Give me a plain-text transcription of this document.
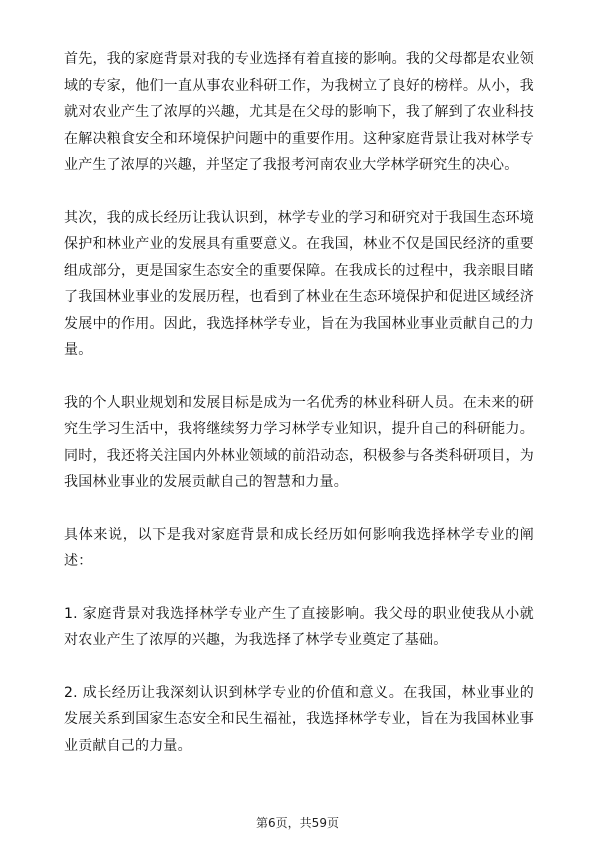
首先，我的家庭背景对我的专业选择有着直接的影响。我的父母都是农业领域的专家，他们一直从事农业科研工作，为我树立了良好的榜样。从小，我就对农业产生了浓厚的兴趣，尤其是在父母的影响下，我了解到了农业科技在解决粮食安全和环境保护问题中的重要作用。这种家庭背景让我对林学专业产生了浓厚的兴趣，并坚定了我报考河南农业大学林学研究生的决心。

其次，我的成长经历让我认识到，林学专业的学习和研究对于我国生态环境保护和林业产业的发展具有重要意义。在我国，林业不仅是国民经济的重要组成部分，更是国家生态安全的重要保障。在我成长的过程中，我亲眼目睹了我国林业事业的发展历程，也看到了林业在生态环境保护和促进区域经济发展中的作用。因此，我选择林学专业，旨在为我国林业事业贡献自己的力量。

我的个人职业规划和发展目标是成为一名优秀的林业科研人员。在未来的研究生学习生活中，我将继续努力学习林学专业知识，提升自己的科研能力。同时，我还将关注国内外林业领域的前沿动态，积极参与各类科研项目，为我国林业事业的发展贡献自己的智慧和力量。

具体来说，以下是我对家庭背景和成长经历如何影响我选择林学专业的阐述：

1. 家庭背景对我选择林学专业产生了直接影响。我父母的职业使我从小就对农业产生了浓厚的兴趣，为我选择了林学专业奠定了基础。

2. 成长经历让我深刻认识到林学专业的价值和意义。在我国，林业事业的发展关系到国家生态安全和民生福祉，我选择林学专业，旨在为我国林业事业贡献自己的力量。

第6页，共59页
